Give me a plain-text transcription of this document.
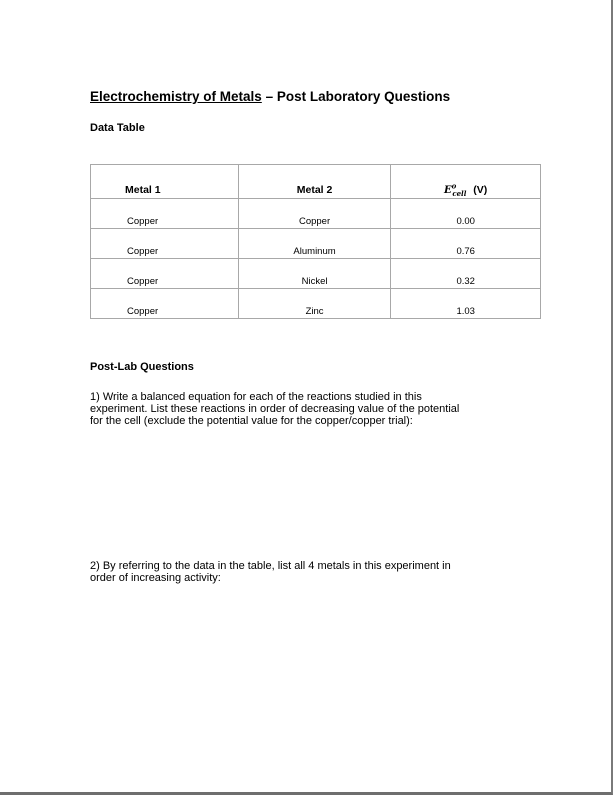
Electrochemistry of Metals – Post Laboratory Questions
Data Table
Metal 1	Metal 2	$E^o_{cell}$ (V)
Copper	Copper	0.00
Copper	Aluminum	0.76
Copper	Nickel	0.32
Copper	Zinc	1.03
Post-Lab Questions
1) Write a balanced equation for each of the reactions studied in this
experiment. List these reactions in order of decreasing value of the potential
for the cell (exclude the potential value for the copper/copper trial):
2) By referring to the data in the table, list all 4 metals in this experiment in
order of increasing activity:
